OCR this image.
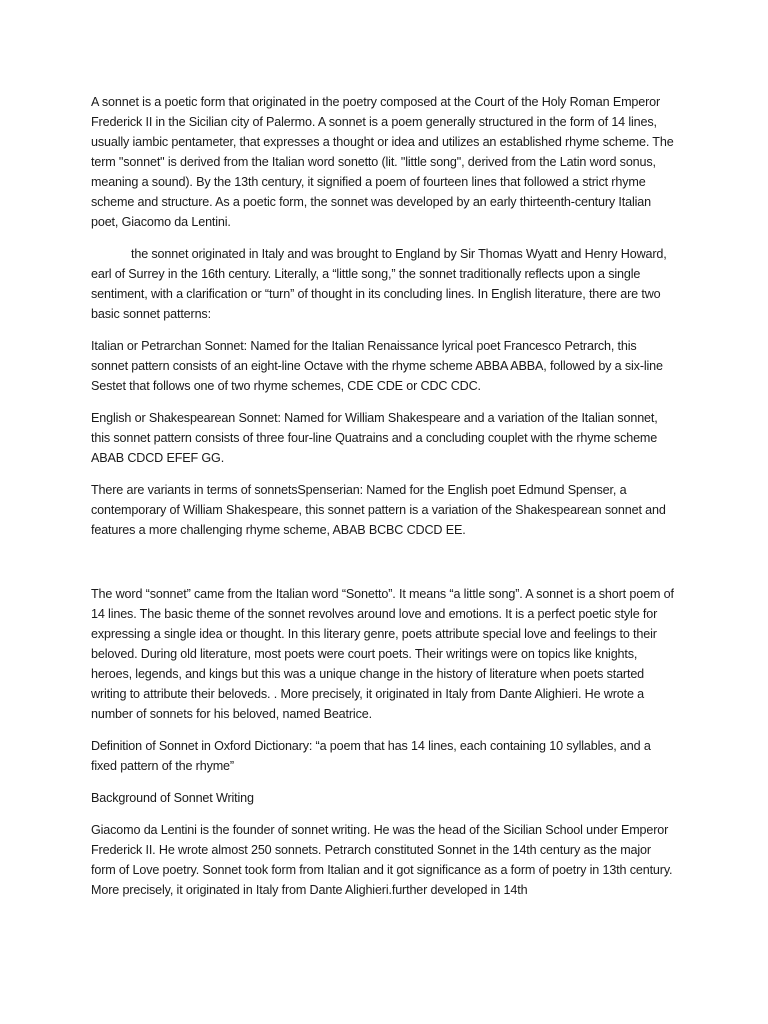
A sonnet is a poetic form that originated in the poetry composed at the Court of the Holy Roman Emperor Frederick II in the Sicilian city of Palermo. A sonnet is a poem generally structured in the form of 14 lines, usually iambic pentameter, that expresses a thought or idea and utilizes an established rhyme scheme. The term "sonnet" is derived from the Italian word sonetto (lit. "little song", derived from the Latin word sonus, meaning a sound). By the 13th century, it signified a poem of fourteen lines that followed a strict rhyme scheme and structure. As a poetic form, the sonnet was developed by an early thirteenth-century Italian poet, Giacomo da Lentini.

the sonnet originated in Italy and was brought to England by Sir Thomas Wyatt and Henry Howard, earl of Surrey in the 16th century. Literally, a “little song,” the sonnet traditionally reflects upon a single sentiment, with a clarification or “turn” of thought in its concluding lines. In English literature, there are two basic sonnet patterns:

Italian or Petrarchan Sonnet: Named for the Italian Renaissance lyrical poet Francesco Petrarch, this sonnet pattern consists of an eight-line Octave with the rhyme scheme ABBA ABBA, followed by a six-line Sestet that follows one of two rhyme schemes, CDE CDE or CDC CDC.

English or Shakespearean Sonnet: Named for William Shakespeare and a variation of the Italian sonnet, this sonnet pattern consists of three four-line Quatrains and a concluding couplet with the rhyme scheme ABAB CDCD EFEF GG.

There are variants in terms of sonnetsSpenserian: Named for the English poet Edmund Spenser, a contemporary of William Shakespeare, this sonnet pattern is a variation of the Shakespearean sonnet and features a more challenging rhyme scheme, ABAB BCBC CDCD EE.

The word “sonnet” came from the Italian word “Sonetto”. It means “a little song”. A sonnet is a short poem of 14 lines. The basic theme of the sonnet revolves around love and emotions. It is a perfect poetic style for expressing a single idea or thought. In this literary genre, poets attribute special love and feelings to their beloved. During old literature, most poets were court poets. Their writings were on topics like knights, heroes, legends, and kings but this was a unique change in the history of literature when poets started writing to attribute their beloveds. . More precisely, it originated in Italy from Dante Alighieri. He wrote a number of sonnets for his beloved, named Beatrice.

Definition of Sonnet in Oxford Dictionary: “a poem that has 14 lines, each containing 10 syllables, and a fixed pattern of the rhyme”

Background of Sonnet Writing

Giacomo da Lentini is the founder of sonnet writing. He was the head of the Sicilian School under Emperor Frederick II. He wrote almost 250 sonnets. Petrarch constituted Sonnet in the 14th century as the major form of Love poetry. Sonnet took form from Italian and it got significance as a form of poetry in 13th century. More precisely, it originated in Italy from Dante Alighieri.further developed in 14th
